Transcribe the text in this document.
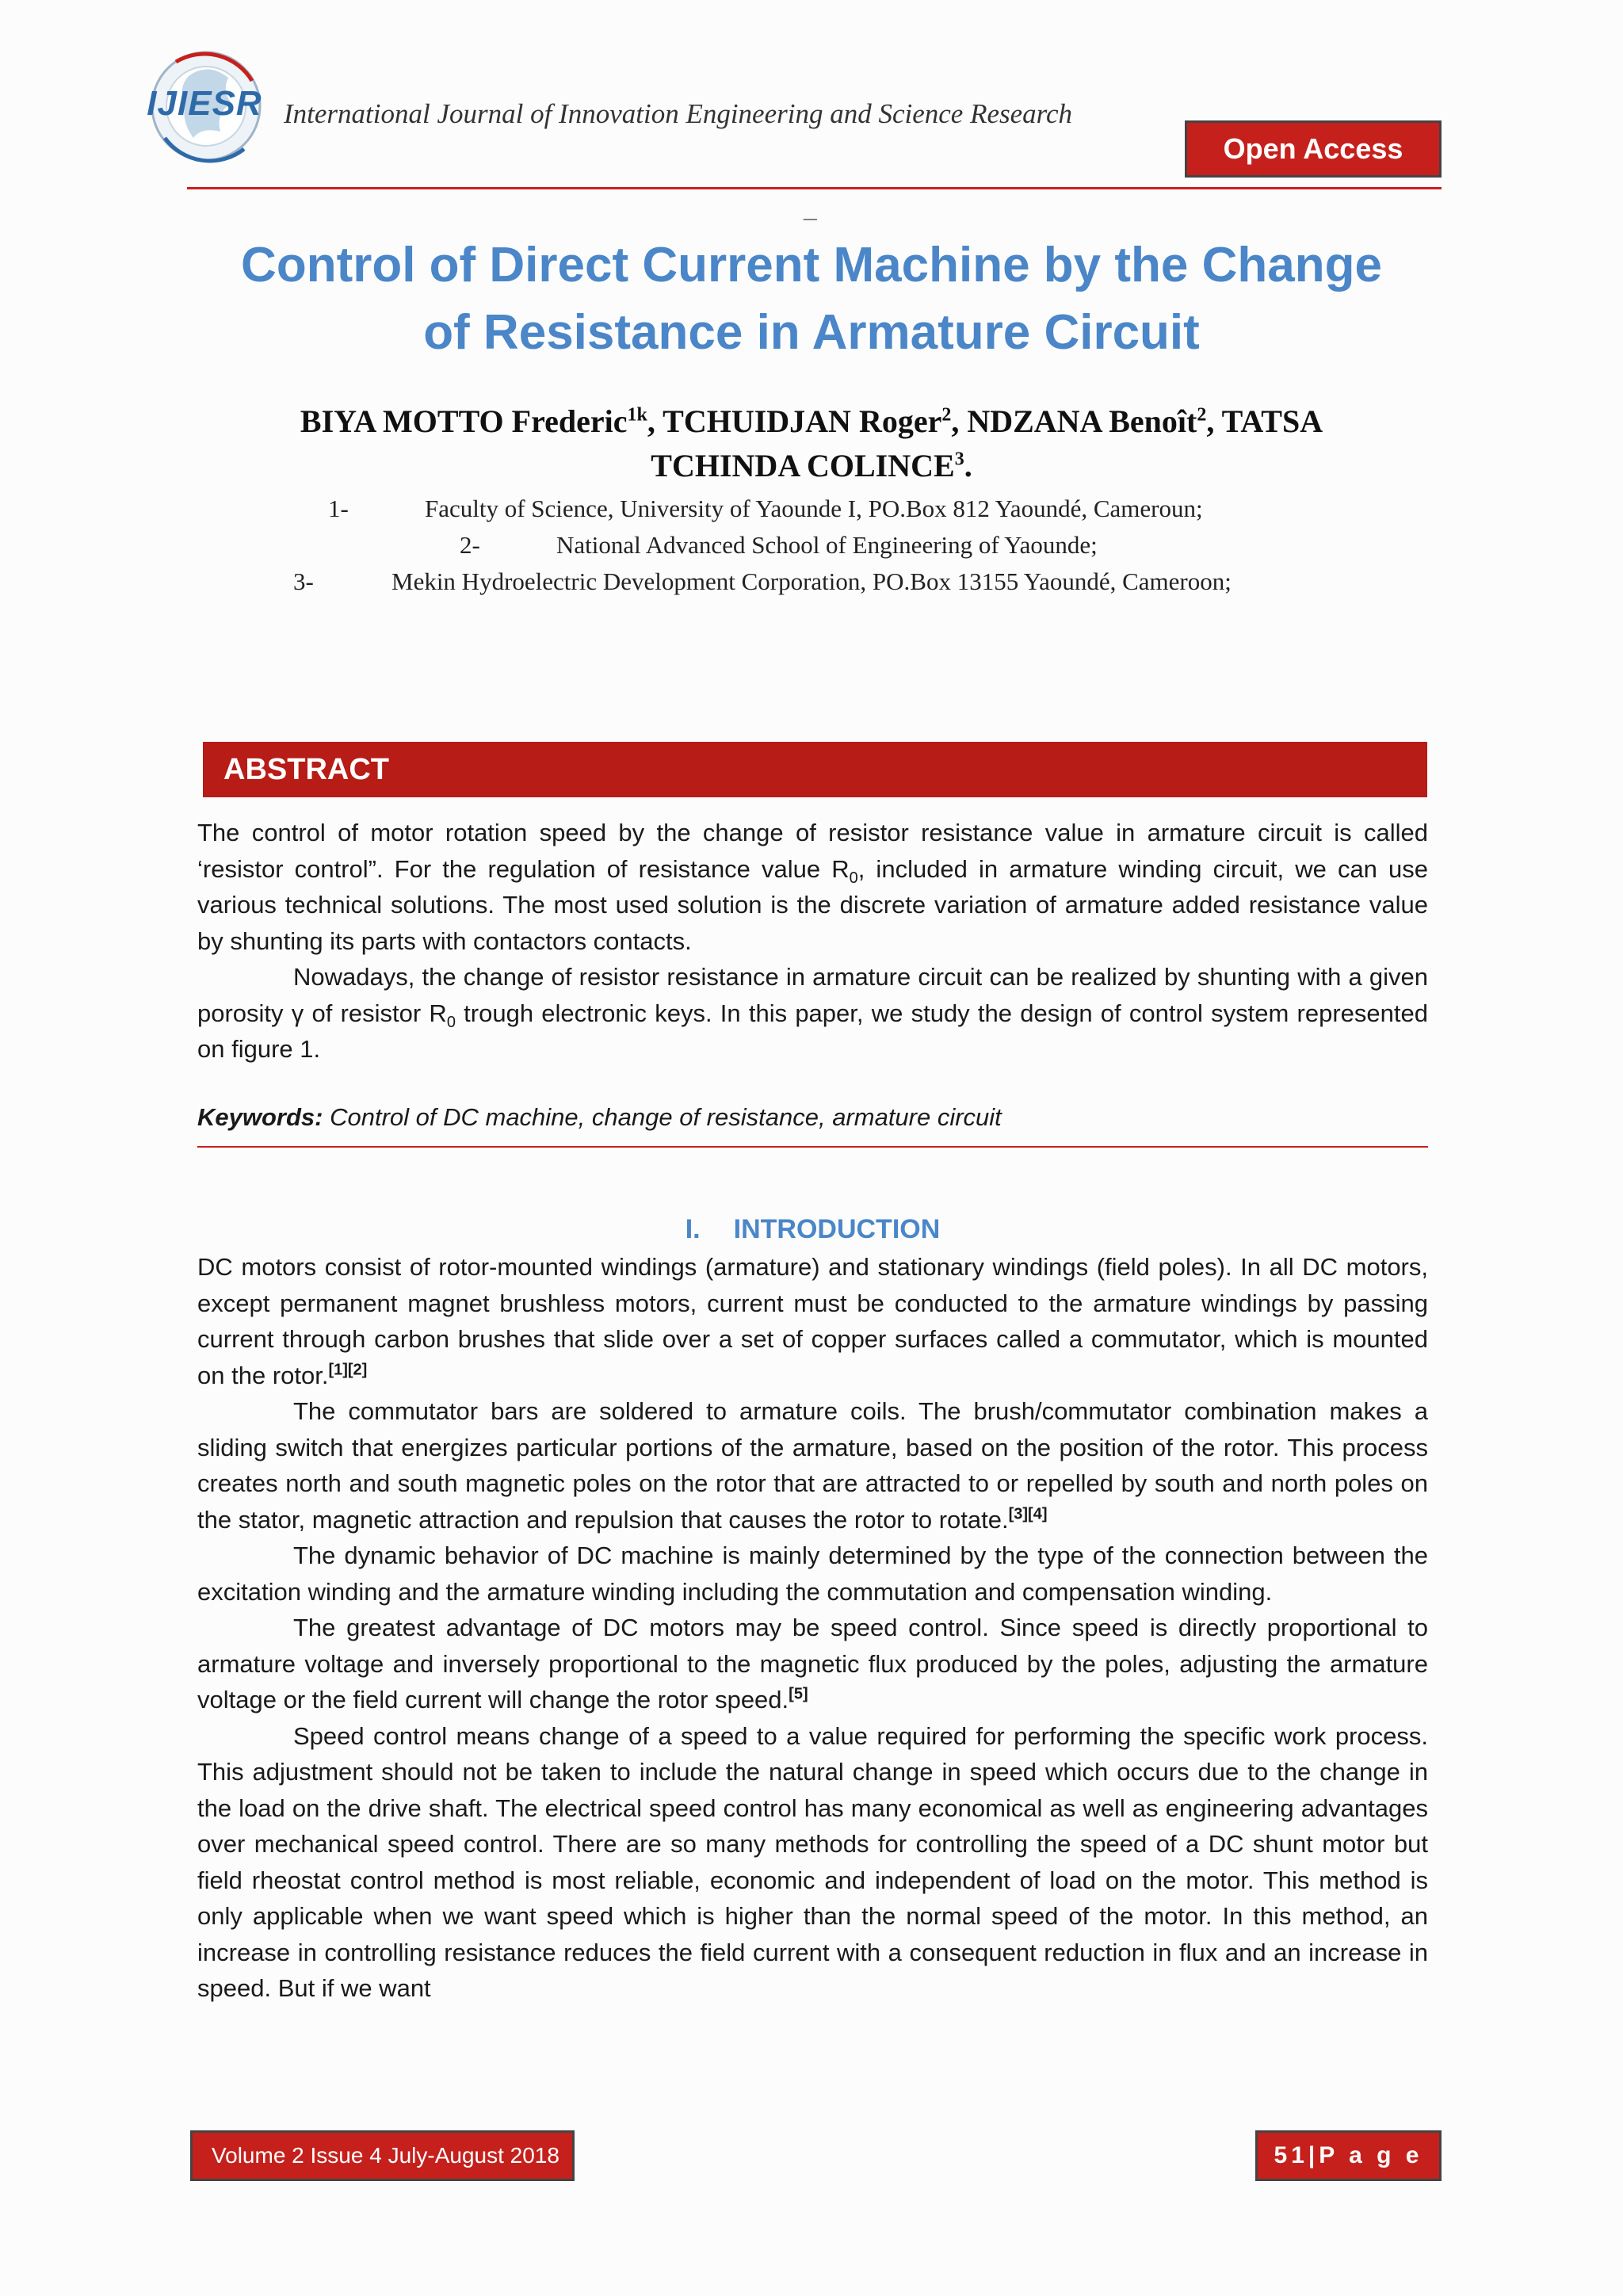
IJIESR International Journal of Innovation Engineering and Science Research
Open Access
_
Control of Direct Current Machine by the Change
of Resistance in Armature Circuit
BIYA MOTTO Frederic$^{1k}$, TCHUIDJAN Roger$^2$, NDZANA Benoît$^2$, TATSA
TCHINDA COLINCE$^3$.
1-	Faculty of Science, University of Yaounde I, PO.Box 812 Yaoundé, Cameroun;
2-	National Advanced School of Engineering of Yaounde;
3-	Mekin Hydroelectric Development Corporation, PO.Box 13155 Yaoundé, Cameroon;
ABSTRACT

The control of motor rotation speed by the change of resistor resistance value in armature circuit is called ‘resistor control”. For the regulation of resistance value $R_0$, included in armature winding circuit, we can use various technical solutions. The most used solution is the discrete variation of armature added resistance value by shunting its parts with contactors contacts.

Nowadays, the change of resistor resistance in armature circuit can be realized by shunting with a given porosity γ of resistor $R_0$ trough electronic keys. In this paper, we study the design of control system represented on figure 1.

Keywords: Control of DC machine, change of resistance, armature circuit
I. INTRODUCTION

DC motors consist of rotor-mounted windings (armature) and stationary windings (field poles). In all DC motors, except permanent magnet brushless motors, current must be conducted to the armature windings by passing current through carbon brushes that slide over a set of copper surfaces called a commutator, which is mounted on the rotor.[1][2]

The commutator bars are soldered to armature coils. The brush/commutator combination makes a sliding switch that energizes particular portions of the armature, based on the position of the rotor. This process creates north and south magnetic poles on the rotor that are attracted to or repelled by south and north poles on the stator, magnetic attraction and repulsion that causes the rotor to rotate.[3][4]

The dynamic behavior of DC machine is mainly determined by the type of the connection between the excitation winding and the armature winding including the commutation and compensation winding.

The greatest advantage of DC motors may be speed control. Since speed is directly proportional to armature voltage and inversely proportional to the magnetic flux produced by the poles, adjusting the armature voltage or the field current will change the rotor speed.[5]

Speed control means change of a speed to a value required for performing the specific work process. This adjustment should not be taken to include the natural change in speed which occurs due to the change in the load on the drive shaft. The electrical speed control has many economical as well as engineering advantages over mechanical speed control. There are so many methods for controlling the speed of a DC shunt motor but field rheostat control method is most reliable, economic and independent of load on the motor. This method is only applicable when we want speed which is higher than the normal speed of the motor. In this method, an increase in controlling resistance reduces the field current with a consequent reduction in flux and an increase in speed. But if we want

Volume 2 Issue 4 July-August 2018	51 |P a g e
